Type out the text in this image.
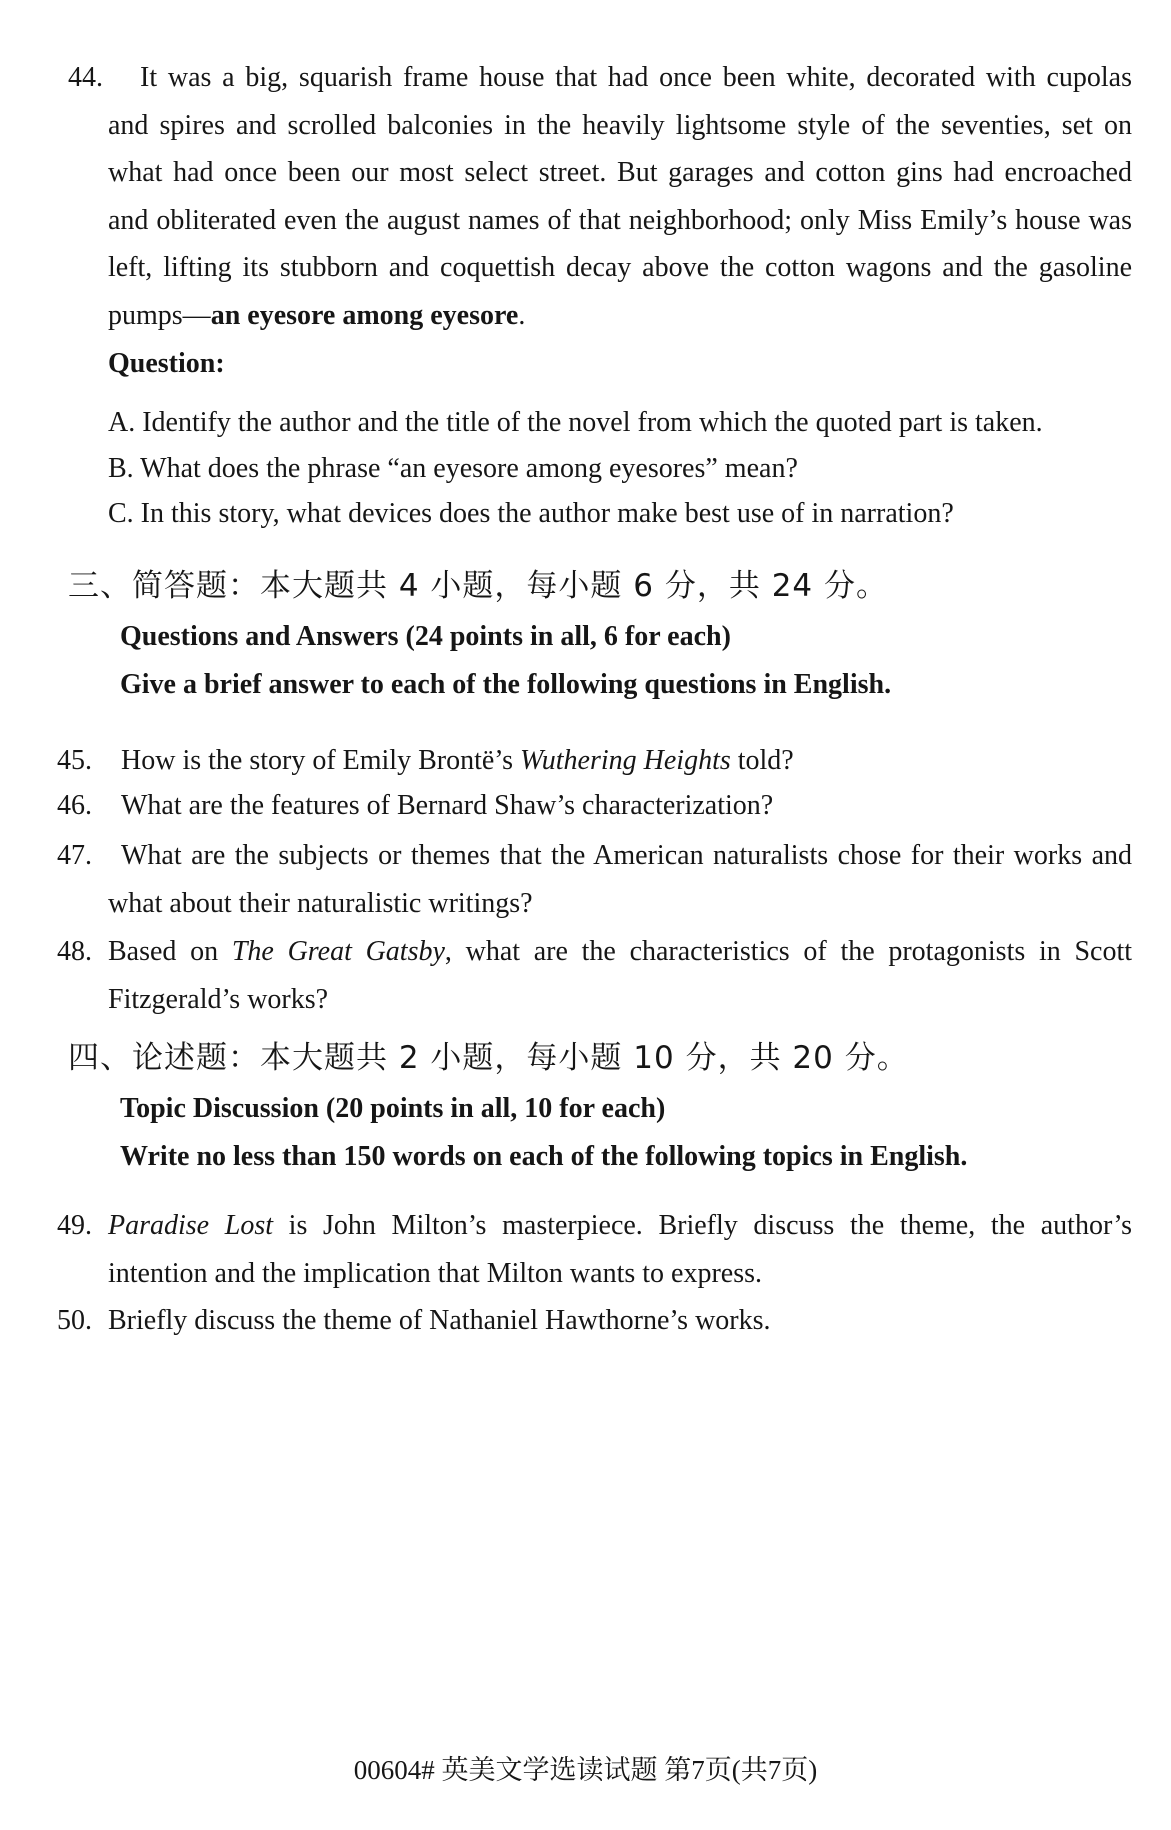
44. It was a big, squarish frame house that had once been white, decorated with cupolas
and spires and scrolled balconies in the heavily lightsome style of the seventies, set on
what had once been our most select street. But garages and cotton gins had encroached
and obliterated even the august names of that neighborhood; only Miss Emily’s house was
left, lifting its stubborn and coquettish decay above the cotton wagons and the gasoline
pumps—an eyesore among eyesore.
Question:
A. Identify the author and the title of the novel from which the quoted part is taken.
B. What does the phrase “an eyesore among eyesores” mean?
C. In this story, what devices does the author make best use of in narration?
三、简答题：本大题共 4 小题，每小题 6 分，共 24 分。
Questions and Answers (24 points in all, 6 for each)
Give a brief answer to each of the following questions in English.
45. How is the story of Emily Brontë’s Wuthering Heights told?
46. What are the features of Bernard Shaw’s characterization?
47. What are the subjects or themes that the American naturalists chose for their works and
what about their naturalistic writings?
48. Based on The Great Gatsby, what are the characteristics of the protagonists in Scott
Fitzgerald’s works?
四、论述题：本大题共 2 小题，每小题 10 分，共 20 分。
Topic Discussion (20 points in all, 10 for each)
Write no less than 150 words on each of the following topics in English.
49. Paradise Lost is John Milton’s masterpiece. Briefly discuss the theme, the author’s
intention and the implication that Milton wants to express.
50. Briefly discuss the theme of Nathaniel Hawthorne’s works.
00604# 英美文学选读试题 第7页(共7页)
